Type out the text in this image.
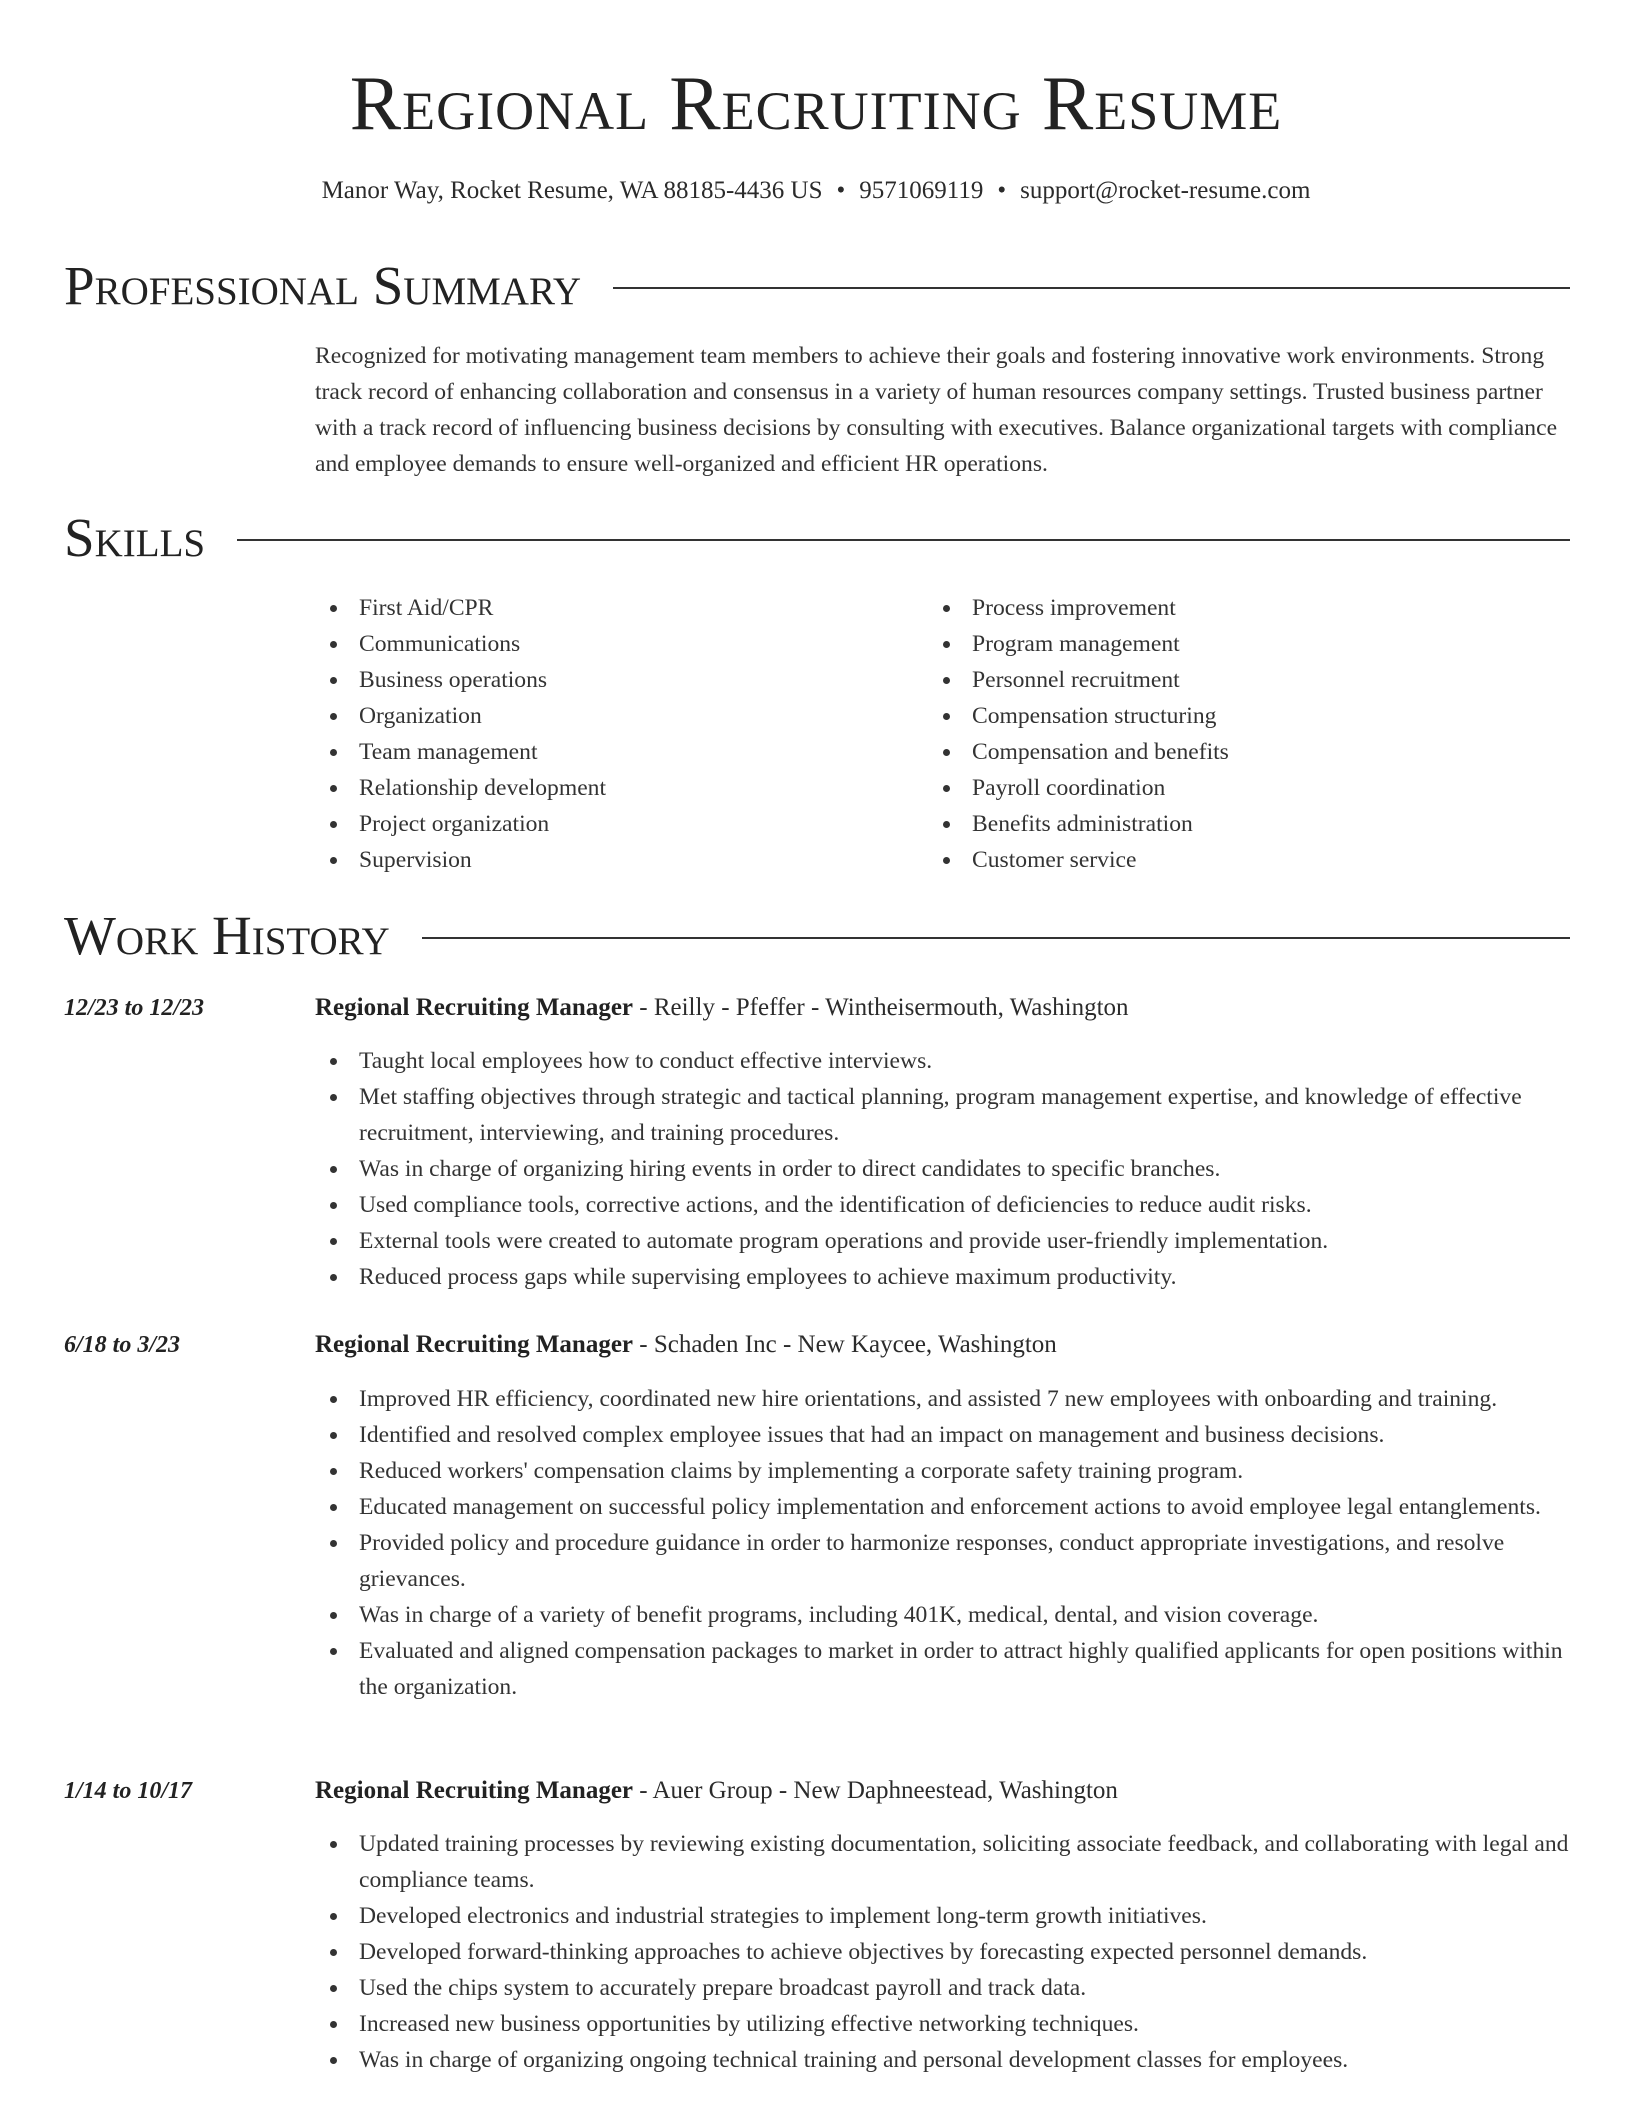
Regional Recruiting Resume
Manor Way, Rocket Resume, WA 88185-4436 US • 9571069119 • support@rocket-resume.com
Professional Summary
Recognized for motivating management team members to achieve their goals and fostering innovative work environments. Strong track record of enhancing collaboration and consensus in a variety of human resources company settings. Trusted business partner with a track record of influencing business decisions by consulting with executives. Balance organizational targets with compliance and employee demands to ensure well-organized and efficient HR operations.
Skills
First Aid/CPR
Communications
Business operations
Organization
Team management
Relationship development
Project organization
Supervision
Process improvement
Program management
Personnel recruitment
Compensation structuring
Compensation and benefits
Payroll coordination
Benefits administration
Customer service
Work History
12/23 to 12/23	Regional Recruiting Manager - Reilly - Pfeffer - Wintheisermouth, Washington
Taught local employees how to conduct effective interviews.
Met staffing objectives through strategic and tactical planning, program management expertise, and knowledge of effective recruitment, interviewing, and training procedures.
Was in charge of organizing hiring events in order to direct candidates to specific branches.
Used compliance tools, corrective actions, and the identification of deficiencies to reduce audit risks.
External tools were created to automate program operations and provide user-friendly implementation.
Reduced process gaps while supervising employees to achieve maximum productivity.
6/18 to 3/23	Regional Recruiting Manager - Schaden Inc - New Kaycee, Washington
Improved HR efficiency, coordinated new hire orientations, and assisted 7 new employees with onboarding and training.
Identified and resolved complex employee issues that had an impact on management and business decisions.
Reduced workers' compensation claims by implementing a corporate safety training program.
Educated management on successful policy implementation and enforcement actions to avoid employee legal entanglements.
Provided policy and procedure guidance in order to harmonize responses, conduct appropriate investigations, and resolve grievances.
Was in charge of a variety of benefit programs, including 401K, medical, dental, and vision coverage.
Evaluated and aligned compensation packages to market in order to attract highly qualified applicants for open positions within the organization.
1/14 to 10/17	Regional Recruiting Manager - Auer Group - New Daphneestead, Washington
Updated training processes by reviewing existing documentation, soliciting associate feedback, and collaborating with legal and compliance teams.
Developed electronics and industrial strategies to implement long-term growth initiatives.
Developed forward-thinking approaches to achieve objectives by forecasting expected personnel demands.
Used the chips system to accurately prepare broadcast payroll and track data.
Increased new business opportunities by utilizing effective networking techniques.
Was in charge of organizing ongoing technical training and personal development classes for employees.
